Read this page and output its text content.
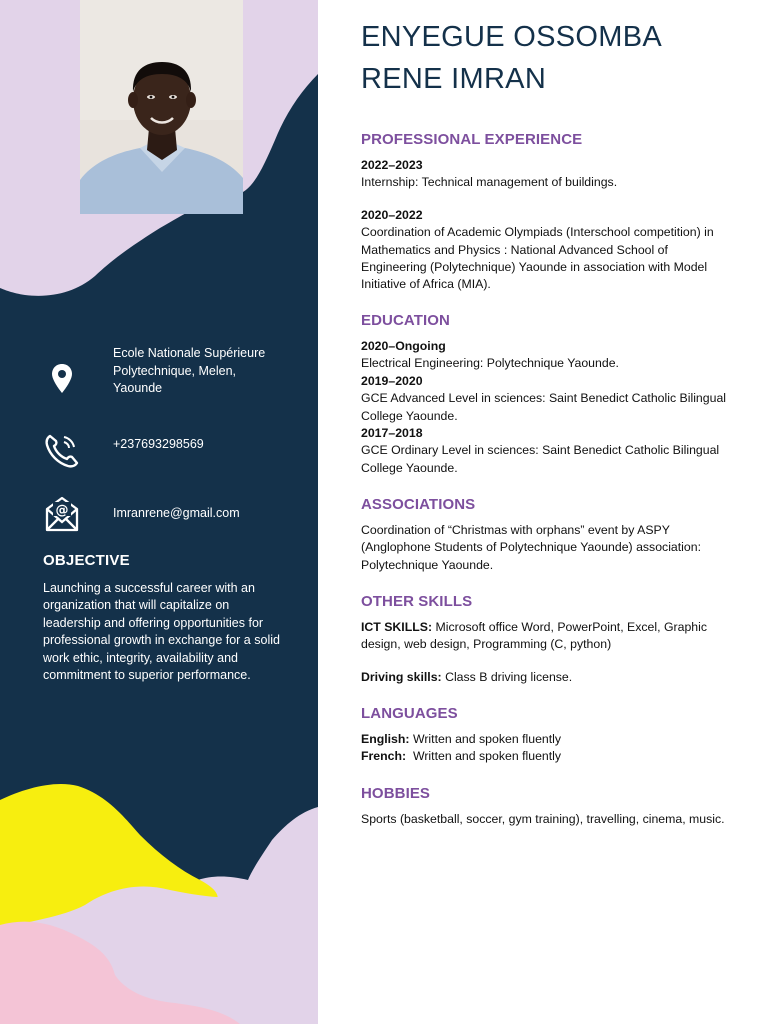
Ecole Nationale Supérieure Polytechnique, Melen, Yaounde
+237693298569
@	Imranrene@gmail.com
OBJECTIVE
Launching a successful career with an organization that will capitalize on leadership and offering opportunities for professional growth in exchange for a solid work ethic, integrity, availability and commitment to superior performance.
ENYEGUE OSSOMBA RENE IMRAN
PROFESSIONAL EXPERIENCE
2022–2023
Internship: Technical management of buildings.
2020–2022
Coordination of Academic Olympiads (Interschool competition) in Mathematics and Physics : National Advanced School of Engineering (Polytechnique) Yaounde in association with Model Initiative of Africa (MIA).
EDUCATION
2020–Ongoing
Electrical Engineering: Polytechnique Yaounde.
2019–2020
GCE Advanced Level in sciences: Saint Benedict Catholic Bilingual College Yaounde.
2017–2018
GCE Ordinary Level in sciences: Saint Benedict Catholic Bilingual College Yaounde.
ASSOCIATIONS
Coordination of “Christmas with orphans” event by ASPY (Anglophone Students of Polytechnique Yaounde) association: Polytechnique Yaounde.
OTHER SKILLS
ICT SKILLS: Microsoft office Word, PowerPoint, Excel, Graphic design, web design, Programming (C, python)
Driving skills: Class B driving license.
LANGUAGES
English: Written and spoken fluently
French: Written and spoken fluently
HOBBIES
Sports (basketball, soccer, gym training), travelling, cinema, music.
